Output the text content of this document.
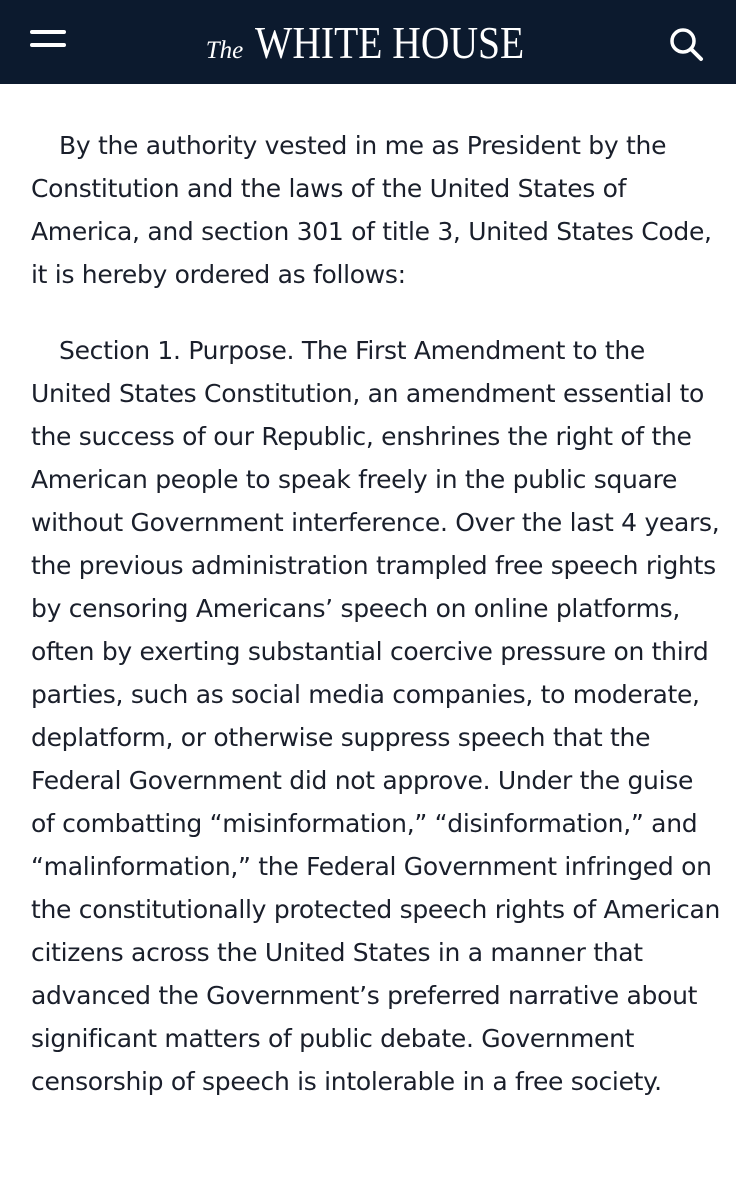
The WHITE HOUSE

By the authority vested in me as President by the Constitution and the laws of the United States of America, and section 301 of title 3, United States Code, it is hereby ordered as follows:

Section 1. Purpose. The First Amendment to the United States Constitution, an amendment essential to the success of our Republic, enshrines the right of the American people to speak freely in the public square without Government interference. Over the last 4 years, the previous administration trampled free speech rights by censoring Americans’ speech on online platforms, often by exerting substantial coercive pressure on third parties, such as social media companies, to moderate, deplatform, or otherwise suppress speech that the Federal Government did not approve. Under the guise of combatting “misinformation,” “disinformation,” and “malinformation,” the Federal Government infringed on the constitutionally protected speech rights of American citizens across the United States in a manner that advanced the Government’s preferred narrative about significant matters of public debate. Government censorship of speech is intolerable in a free society.
